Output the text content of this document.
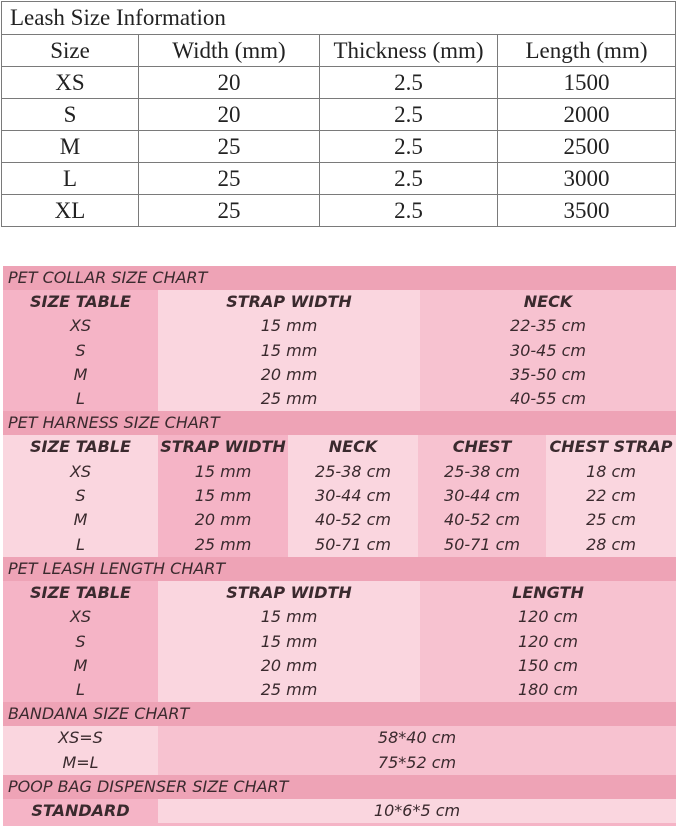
Leash Size Information			
Size	Width (mm)	Thickness (mm)	Length (mm)
XS	20	2.5	1500
S	20	2.5	2000
M	25	2.5	2500
L	25	2.5	3000
XL	25	2.5	3500
PET COLLAR SIZE CHART
SIZE TABLE	STRAP WIDTH	NECK
XS	15 mm	22-35 cm
S	15 mm	30-45 cm
M	20 mm	35-50 cm
L	25 mm	40-55 cm
PET HARNESS SIZE CHART
SIZE TABLE	STRAP WIDTH	NECK	CHEST	CHEST STRAP
XS	15 mm	25-38 cm	25-38 cm	18 cm
S	15 mm	30-44 cm	30-44 cm	22 cm
M	20 mm	40-52 cm	40-52 cm	25 cm
L	25 mm	50-71 cm	50-71 cm	28 cm
PET LEASH LENGTH CHART
SIZE TABLE	STRAP WIDTH	LENGTH
XS	15 mm	120 cm
S	15 mm	120 cm
M	20 mm	150 cm
L	25 mm	180 cm
BANDANA SIZE CHART
XS=S	58*40 cm
M=L	75*52 cm
POOP BAG DISPENSER SIZE CHART
STANDARD	10*6*5 cm
